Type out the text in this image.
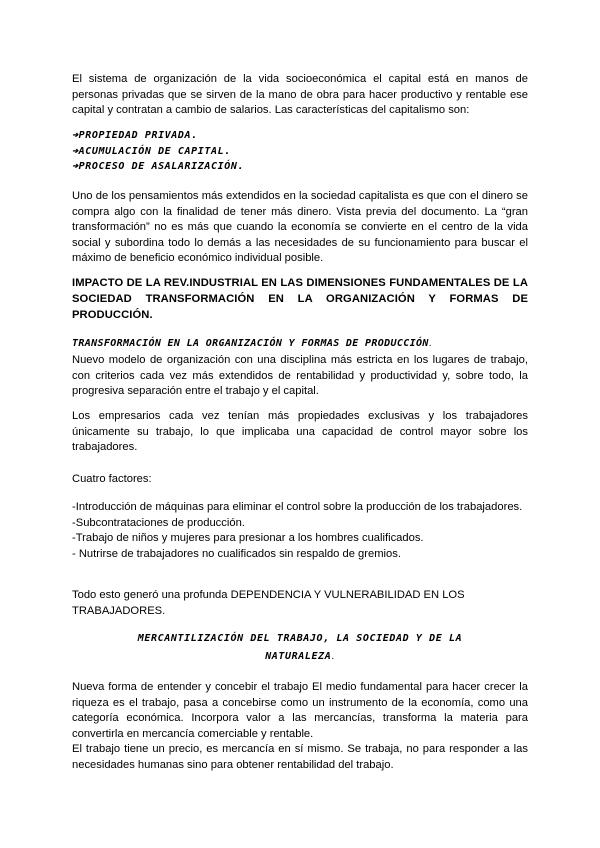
El sistema de organización de la vida socioeconómica el capital está en manos de personas privadas que se sirven de la mano de obra para hacer productivo y rentable ese capital y contratan a cambio de salarios. Las características del capitalismo son:

➔PROPIEDAD PRIVADA.

➔ACUMULACIÓN DE CAPITAL.

➔PROCESO DE ASALARIZACIÓN.

Uno de los pensamientos más extendidos en la sociedad capitalista es que con el dinero se compra algo con la finalidad de tener más dinero. Vista previa del documento. La “gran transformación” no es más que cuando la economía se convierte en el centro de la vida social y subordina todo lo demás a las necesidades de su funcionamiento para buscar el máximo de beneficio económico individual posible.

IMPACTO DE LA REV.INDUSTRIAL EN LAS DIMENSIONES FUNDAMENTALES DE LA SOCIEDAD TRANSFORMACIÓN EN LA ORGANIZACIÓN Y FORMAS DE PRODUCCIÓN.

TRANSFORMACIÓN EN LA ORGANIZACIÓN Y FORMAS DE PRODUCCIÓN.

Nuevo modelo de organización con una disciplina más estricta en los lugares de trabajo, con criterios cada vez más extendidos de rentabilidad y productividad y, sobre todo, la progresiva separación entre el trabajo y el capital.

Los empresarios cada vez tenían más propiedades exclusivas y los trabajadores únicamente su trabajo, lo que implicaba una capacidad de control mayor sobre los trabajadores.

Cuatro factores:

-Introducción de máquinas para eliminar el control sobre la producción de los trabajadores.

-Subcontrataciones de producción.

-Trabajo de niños y mujeres para presionar a los hombres cualificados.

- Nutrirse de trabajadores no cualificados sin respaldo de gremios.

Todo esto generó una profunda DEPENDENCIA Y VULNERABILIDAD EN LOS TRABAJADORES.

MERCANTILIZACIÓN DEL TRABAJO, LA SOCIEDAD Y DE LA
NATURALEZA.

Nueva forma de entender y concebir el trabajo El medio fundamental para hacer crecer la riqueza es el trabajo, pasa a concebirse como un instrumento de la economía, como una categoría económica. Incorpora valor a las mercancías, transforma la materia para convertirla en mercancía comerciable y rentable.

El trabajo tiene un precio, es mercancía en sí mismo. Se trabaja, no para responder a las necesidades humanas sino para obtener rentabilidad del trabajo.
